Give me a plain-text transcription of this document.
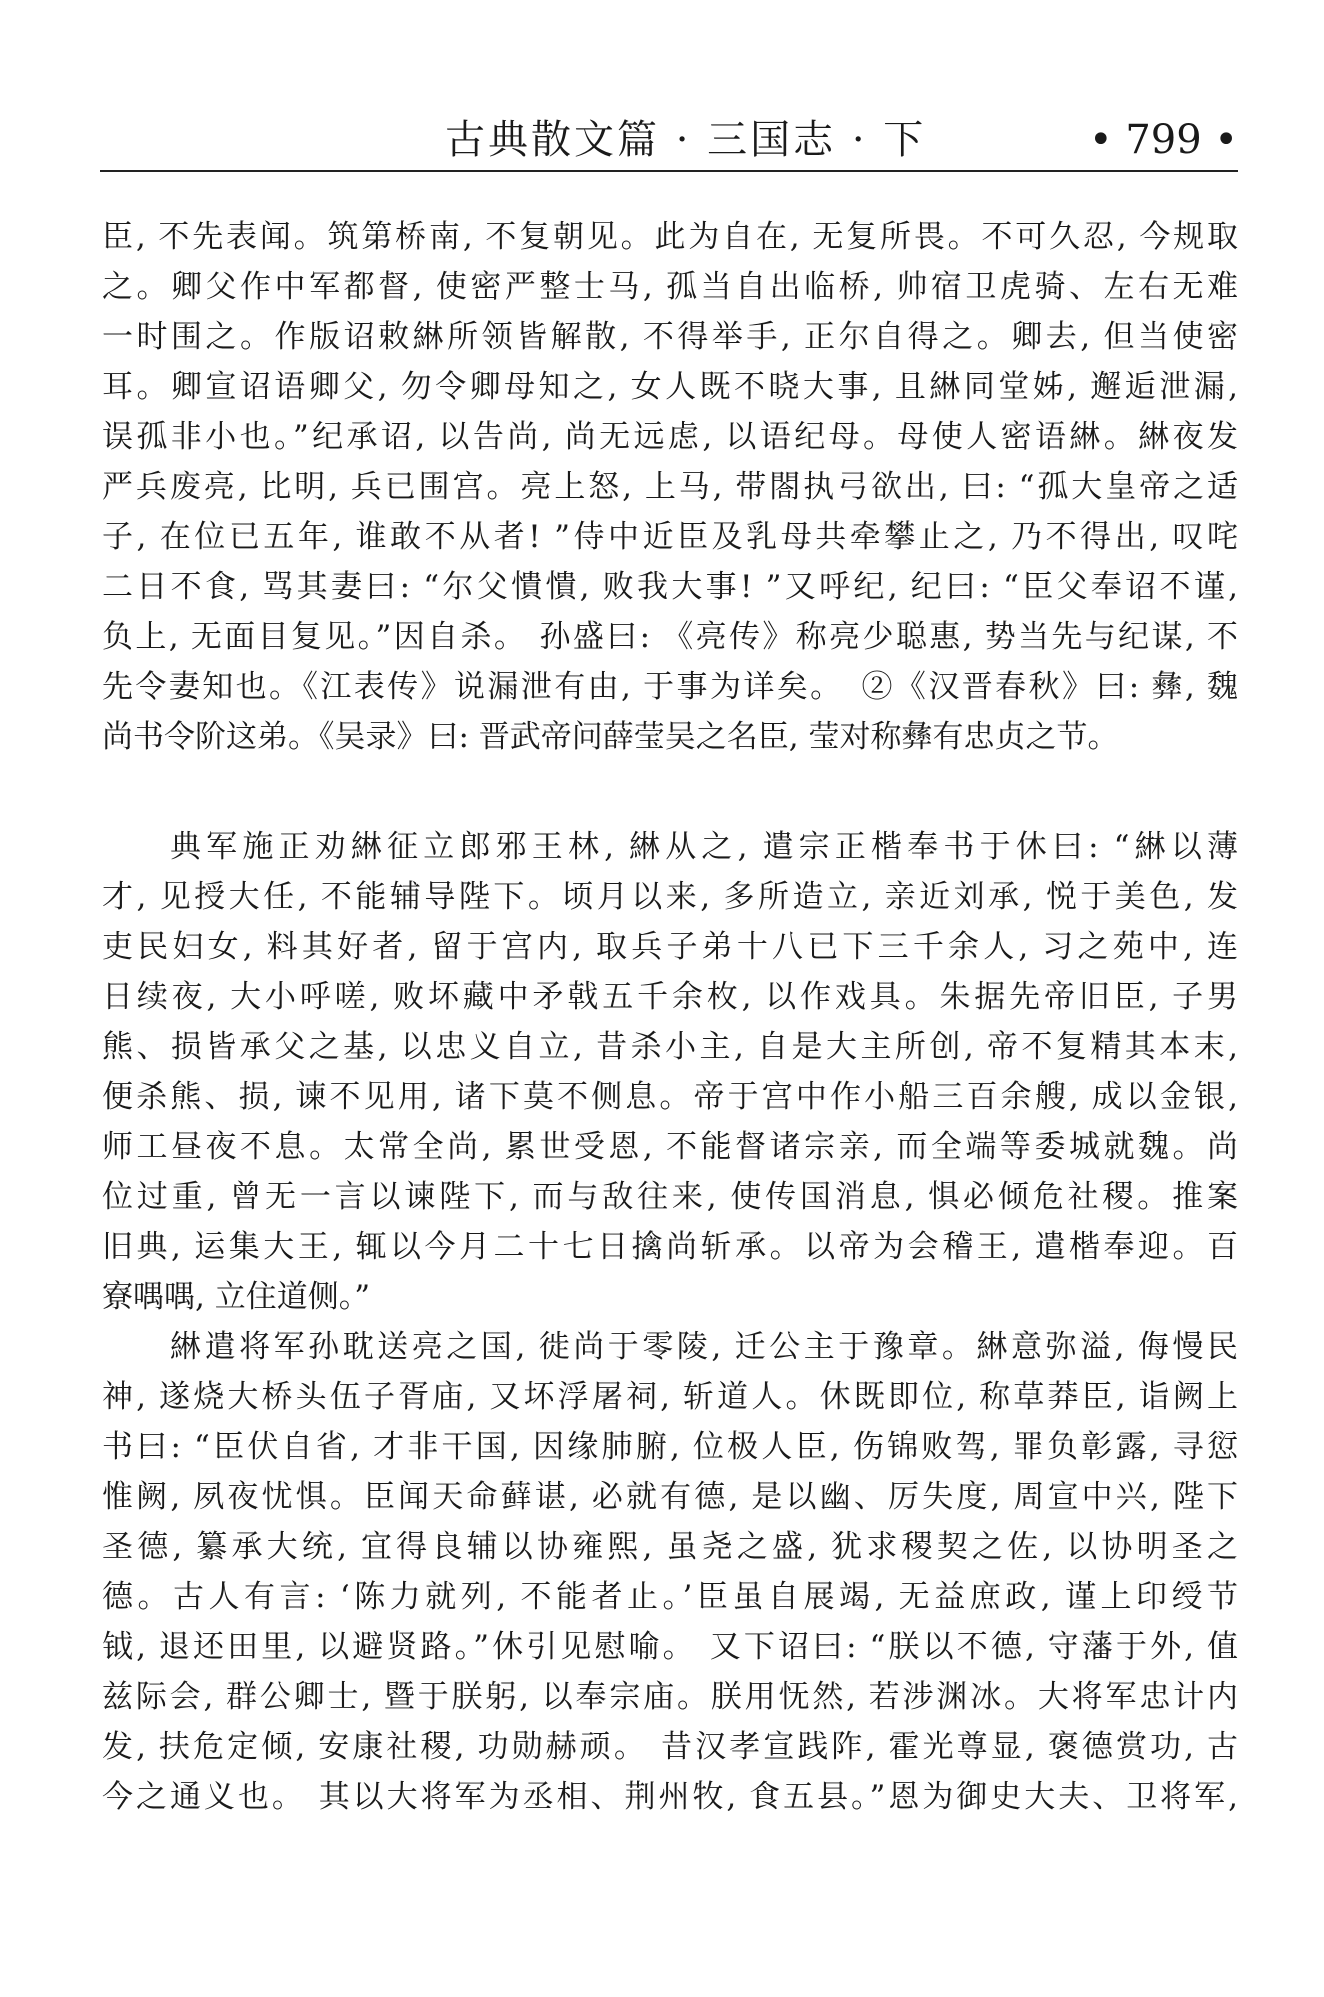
古典散文篇 · 三国志 · 下	• 799 •
臣, 不先表闻。筑第桥南, 不复朝见。此为自在, 无复所畏。不可久忍, 今规取
之。卿父作中军都督, 使密严整士马, 孤当自出临桥, 帅宿卫虎骑、左右无难
一时围之。作版诏敕綝所领皆解散, 不得举手, 正尔自得之。卿去, 但当使密
耳。卿宣诏语卿父, 勿令卿母知之, 女人既不晓大事, 且綝同堂姊, 邂逅泄漏,
误孤非小也。”纪承诏, 以告尚, 尚无远虑, 以语纪母。母使人密语綝。綝夜发
严兵废亮, 比明, 兵已围宫。亮上怒, 上马, 带閤执弓欲出, 曰: “孤大皇帝之适
子, 在位已五年, 谁敢不从者! ”侍中近臣及乳母共牵攀止之, 乃不得出, 叹咤
二日不食, 骂其妻曰: “尔父憒憒, 败我大事! ”又呼纪, 纪曰: “臣父奉诏不谨,
负上, 无面目复见。”因自杀。 孙盛曰: 《亮传》称亮少聪惠, 势当先与纪谋, 不
先令妻知也。《江表传》说漏泄有由, 于事为详矣。　②《汉晋春秋》曰: 彝, 魏
尚书令阶这弟。《吴录》曰: 晋武帝问薛莹吴之名臣, 莹对称彝有忠贞之节。
典军施正劝綝征立郎邪王林, 綝从之, 遣宗正楷奉书于休曰: “綝以薄
才, 见授大任, 不能辅导陛下。顷月以来, 多所造立, 亲近刘承, 悦于美色, 发
吏民妇女, 料其好者, 留于宫内, 取兵子弟十八已下三千余人, 习之苑中, 连
日续夜, 大小呼嗟, 败坏藏中矛戟五千余枚, 以作戏具。朱据先帝旧臣, 子男
熊、损皆承父之基, 以忠义自立, 昔杀小主, 自是大主所创, 帝不复精其本末,
便杀熊、损, 谏不见用, 诸下莫不侧息。帝于宫中作小船三百余艘, 成以金银,
师工昼夜不息。太常全尚, 累世受恩, 不能督诸宗亲, 而全端等委城就魏。尚
位过重, 曾无一言以谏陛下, 而与敌往来, 使传国消息, 惧必倾危社稷。推案
旧典, 运集大王, 辄以今月二十七日擒尚斩承。以帝为会稽王, 遣楷奉迎。百
寮喁喁, 立住道侧。”
綝遣将军孙耽送亮之国, 徙尚于零陵, 迁公主于豫章。綝意弥溢, 侮慢民
神, 遂烧大桥头伍子胥庙, 又坏浮屠祠, 斩道人。休既即位, 称草莽臣, 诣阙上
书曰: “臣伏自省, 才非干国, 因缘肺腑, 位极人臣, 伤锦败驾, 罪负彰露, 寻愆
惟阙, 夙夜忧惧。臣闻天命藓谌, 必就有德, 是以幽、厉失度, 周宣中兴, 陛下
圣德, 纂承大统, 宜得良辅以协雍熙, 虽尧之盛, 犹求稷契之佐, 以协明圣之
德。古人有言: ‘陈力就列, 不能者止。’臣虽自展竭, 无益庶政, 谨上印绶节
钺, 退还田里, 以避贤路。”休引见慰喻。 又下诏曰: “朕以不德, 守藩于外, 值
兹际会, 群公卿士, 暨于朕躬, 以奉宗庙。朕用怃然, 若涉渊冰。大将军忠计内
发, 扶危定倾, 安康社稷, 功勋赫顽。 昔汉孝宣践阼, 霍光尊显, 褒德赏功, 古
今之通义也。 其以大将军为丞相、荆州牧, 食五县。”恩为御史大夫、卫将军,
